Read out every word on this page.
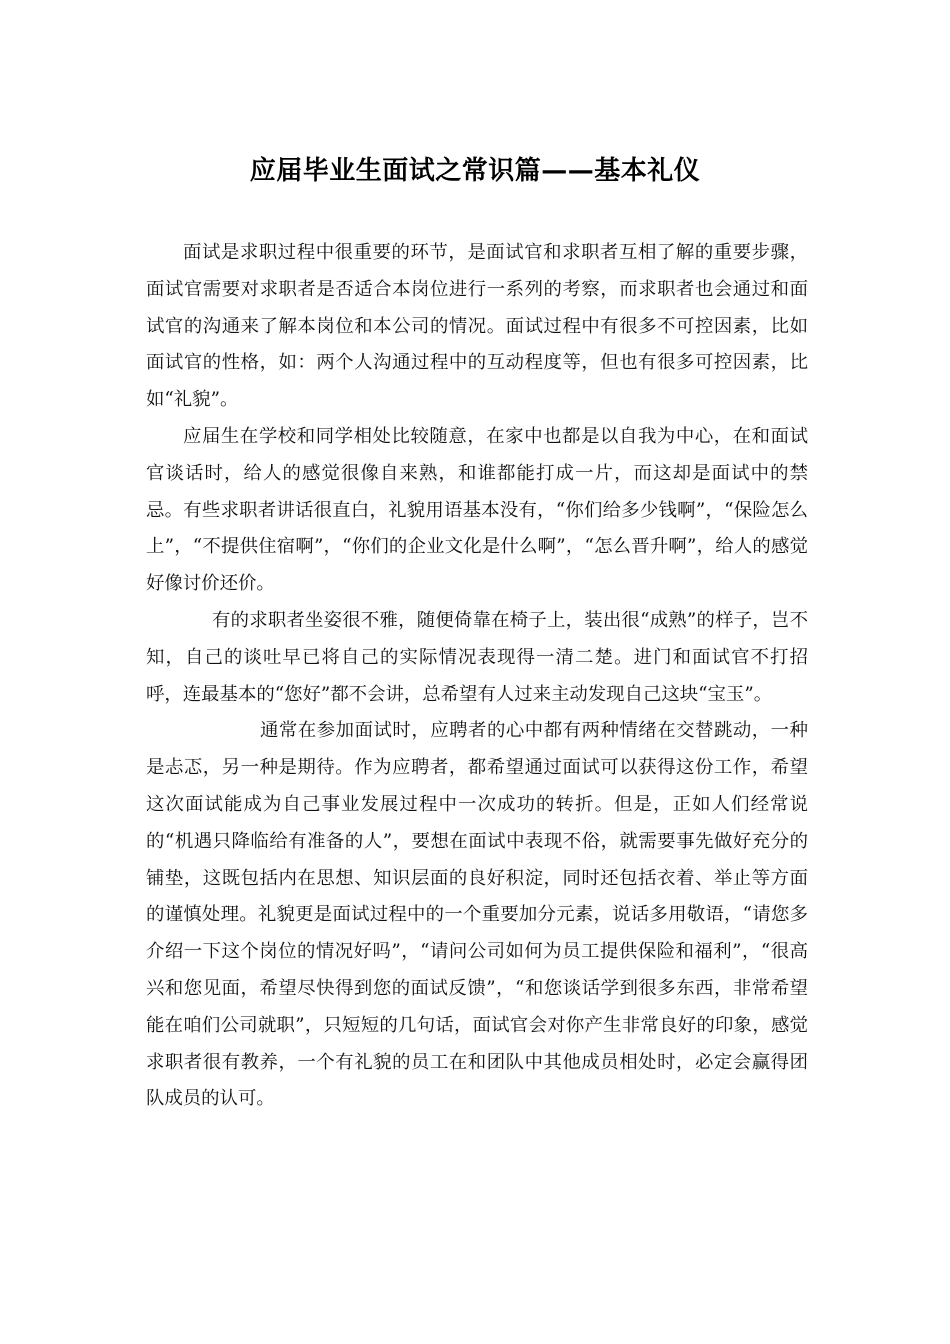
应届毕业生面试之常识篇——基本礼仪

面试是求职过程中很重要的环节，是面试官和求职者互相了解的重要步骤，面试官需要对求职者是否适合本岗位进行一系列的考察，而求职者也会通过和面试官的沟通来了解本岗位和本公司的情况。面试过程中有很多不可控因素，比如面试官的性格，如：两个人沟通过程中的互动程度等，但也有很多可控因素，比如“礼貌”。

应届生在学校和同学相处比较随意，在家中也都是以自我为中心，在和面试官谈话时，给人的感觉很像自来熟，和谁都能打成一片，而这却是面试中的禁忌。有些求职者讲话很直白，礼貌用语基本没有，“你们给多少钱啊”，“保险怎么上”，“不提供住宿啊”，“你们的企业文化是什么啊”，“怎么晋升啊”，给人的感觉好像讨价还价。

有的求职者坐姿很不雅，随便倚靠在椅子上，装出很“成熟”的样子，岂不知，自己的谈吐早已将自己的实际情况表现得一清二楚。进门和面试官不打招呼，连最基本的“您好”都不会讲，总希望有人过来主动发现自己这块“宝玉”。

通常在参加面试时，应聘者的心中都有两种情绪在交替跳动，一种是忐忑，另一种是期待。作为应聘者，都希望通过面试可以获得这份工作，希望这次面试能成为自己事业发展过程中一次成功的转折。但是，正如人们经常说的“机遇只降临给有准备的人”，要想在面试中表现不俗，就需要事先做好充分的铺垫，这既包括内在思想、知识层面的良好积淀，同时还包括衣着、举止等方面的谨慎处理。礼貌更是面试过程中的一个重要加分元素，说话多用敬语，“请您多介绍一下这个岗位的情况好吗”，“请问公司如何为员工提供保险和福利”，“很高兴和您见面，希望尽快得到您的面试反馈”，“和您谈话学到很多东西，非常希望能在咱们公司就职”，只短短的几句话，面试官会对你产生非常良好的印象，感觉求职者很有教养，一个有礼貌的员工在和团队中其他成员相处时，必定会赢得团队成员的认可。
